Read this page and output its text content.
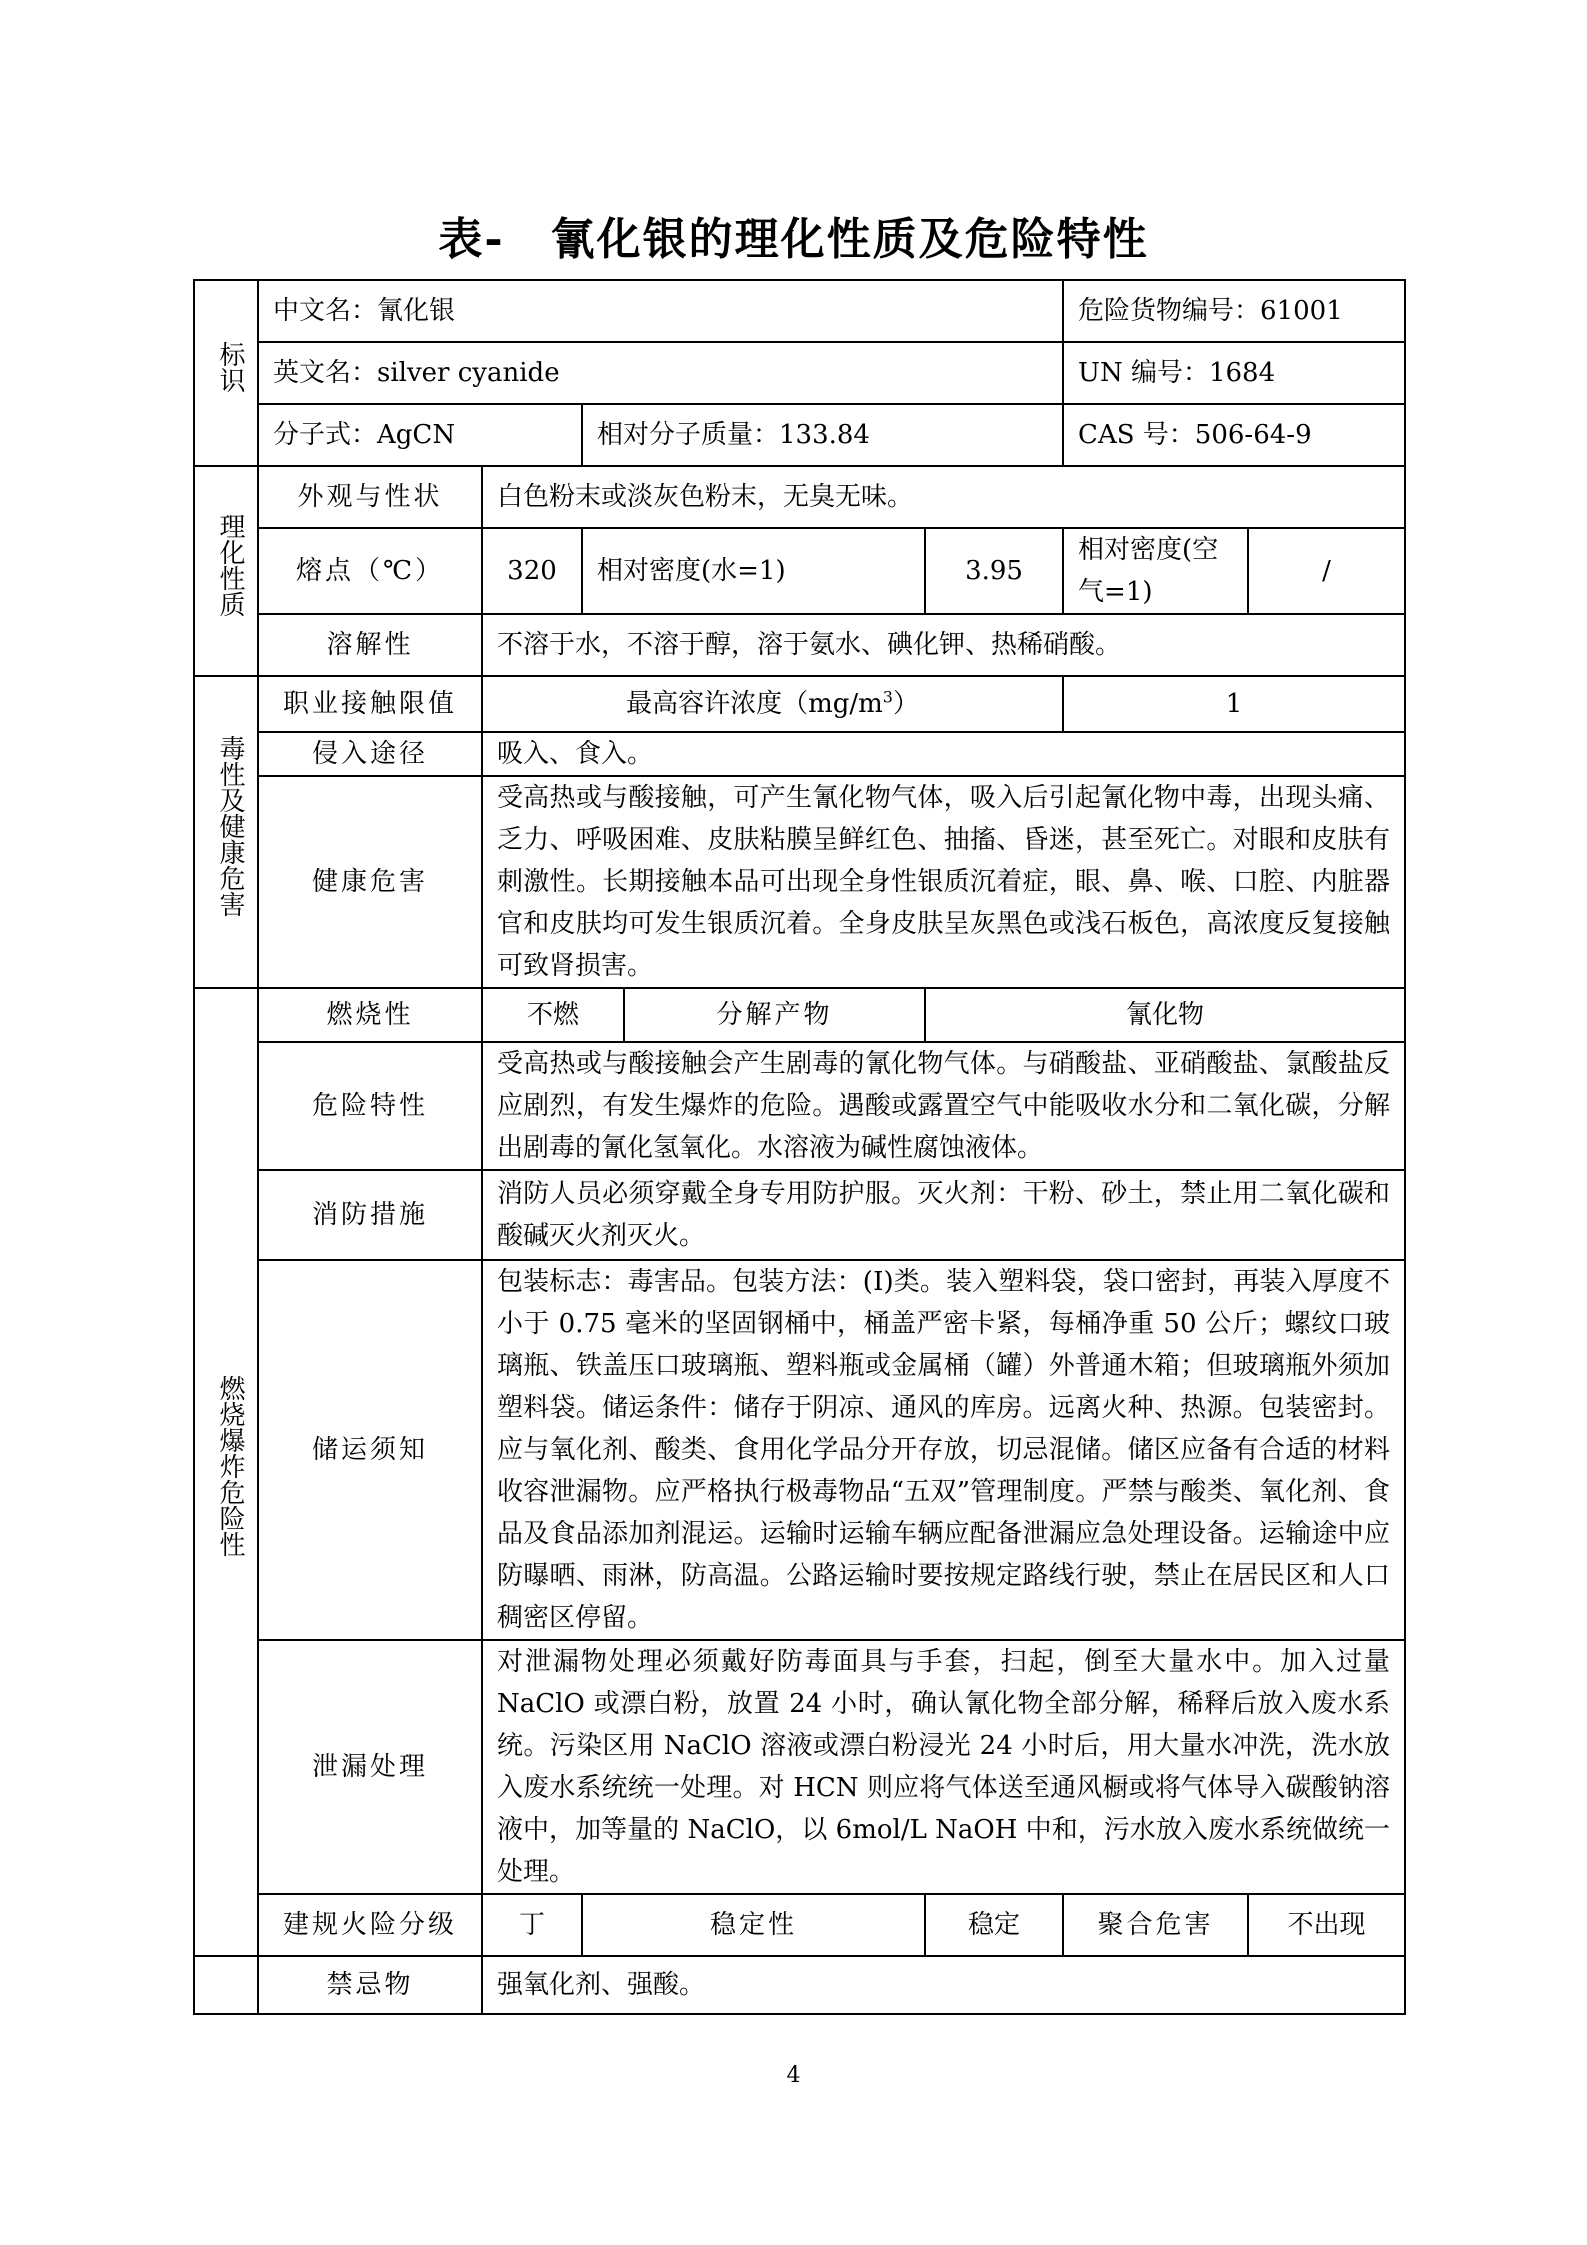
表-　氰化银的理化性质及危险特性
标识	中文名：氰化银					危险货物编号：61001	
	英文名：silver cyanide					UN 编号：1684	
	分子式：AgCN		相对分子质量：133.84			CAS 号：506-64-9	
理化性质	外观与性状	白色粉末或淡灰色粉末，无臭无味。					
	熔点（℃）	320	相对密度(水=1)		3.95	相对密度(空气=1)	/
	溶解性	不溶于水，不溶于醇，溶于氨水、碘化钾、热稀硝酸。					
毒性及健康危害	职业接触限值	最高容许浓度$(mg/m^3)$				1	
	侵入途径	吸入、食入。					
	健康危害	受高热或与酸接触，可产生氰化物气体，吸入后引起氰化物中毒，出现头痛、乏力、呼吸困难、皮肤粘膜呈鲜红色、抽搐、昏迷，甚至死亡。对眼和皮肤有刺激性。长期接触本品可出现全身性银质沉着症，眼、鼻、喉、口腔、内脏器官和皮肤均可发生银质沉着。全身皮肤呈灰黑色或浅石板色，高浓度反复接触可致肾损害。					
燃烧爆炸危险性	燃烧性	不燃		分解产物	氰化物		
	危险特性	受高热或与酸接触会产生剧毒的氰化物气体。与硝酸盐、亚硝酸盐、氯酸盐反应剧烈，有发生爆炸的危险。遇酸或露置空气中能吸收水分和二氧化碳，分解出剧毒的氰化氢氧化。水溶液为碱性腐蚀液体。					
	消防措施	消防人员必须穿戴全身专用防护服。灭火剂：干粉、砂土，禁止用二氧化碳和酸碱灭火剂灭火。					
	储运须知	包装标志：毒害品。包装方法：(Ⅰ)类。装入塑料袋，袋口密封，再装入厚度不小于 0.75 毫米的坚固钢桶中，桶盖严密卡紧，每桶净重 50 公斤；螺纹口玻璃瓶、铁盖压口玻璃瓶、塑料瓶或金属桶（罐）外普通木箱；但玻璃瓶外须加塑料袋。储运条件：储存于阴凉、通风的库房。远离火种、热源。包装密封。应与氧化剂、酸类、食用化学品分开存放，切忌混储。储区应备有合适的材料收容泄漏物。应严格执行极毒物品“五双”管理制度。严禁与酸类、氧化剂、食品及食品添加剂混运。运输时运输车辆应配备泄漏应急处理设备。运输途中应防曝晒、雨淋，防高温。公路运输时要按规定路线行驶，禁止在居民区和人口稠密区停留。					
	泄漏处理	对泄漏物处理必须戴好防毒面具与手套，扫起，倒至大量水中。加入过量 NaClO 或漂白粉，放置 24 小时，确认氰化物全部分解，稀释后放入废水系统。污染区用 NaClO 溶液或漂白粉浸光 24 小时后，用大量水冲洗，洗水放入废水系统统一处理。对 HCN 则应将气体送至通风橱或将气体导入碳酸钠溶液中，加等量的 NaClO，以 6mol/L NaOH 中和，污水放入废水系统做统一处理。					
	建规火险分级	丁	稳定性		稳定	聚合危害	不出现
	禁忌物	强氧化剂、强酸。					
4
